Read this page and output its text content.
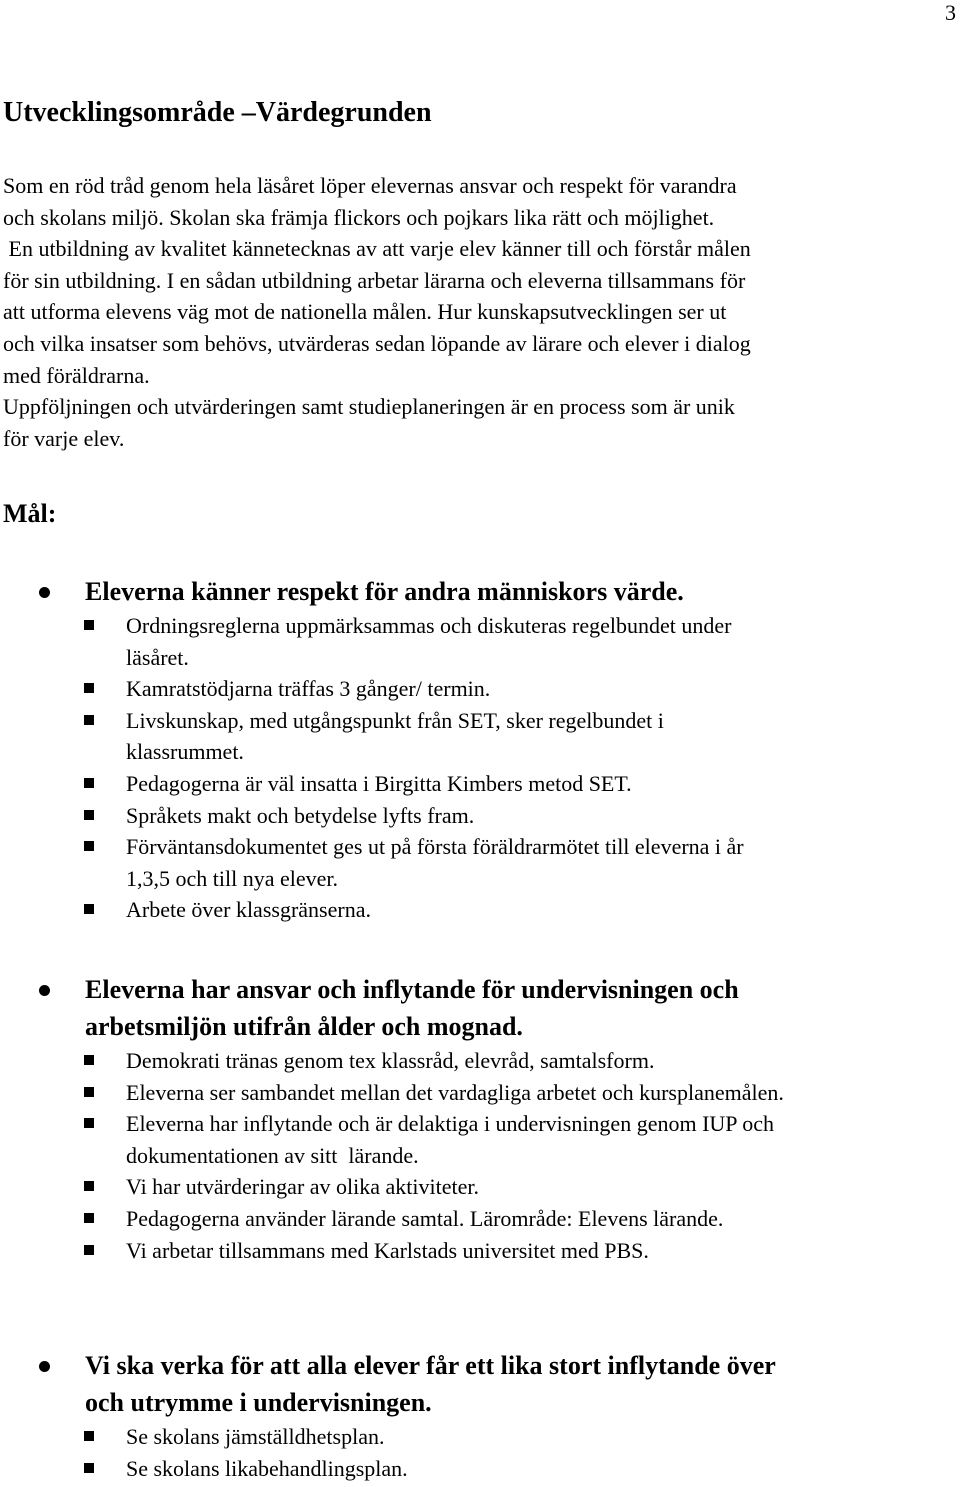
3
Utvecklingsområde –Värdegrunden
Som en röd tråd genom hela läsåret löper elevernas ansvar och respekt för varandra
och skolans miljö. Skolan ska främja flickors och pojkars lika rätt och möjlighet.
En utbildning av kvalitet kännetecknas av att varje elev känner till och förstår målen
för sin utbildning. I en sådan utbildning arbetar lärarna och eleverna tillsammans för
att utforma elevens väg mot de nationella målen. Hur kunskapsutvecklingen ser ut
och vilka insatser som behövs, utvärderas sedan löpande av lärare och elever i dialog
med föräldrarna.
Uppföljningen och utvärderingen samt studieplaneringen är en process som är unik
för varje elev.
Mål:
Eleverna känner respekt för andra människors värde.
Ordningsreglerna uppmärksammas och diskuteras regelbundet under
läsåret.
Kamratstödjarna träffas 3 gånger/ termin.
Livskunskap, med utgångspunkt från SET, sker regelbundet i
klassrummet.
Pedagogerna är väl insatta i Birgitta Kimbers metod SET.
Språkets makt och betydelse lyfts fram.
Förväntansdokumentet ges ut på första föräldrarmötet till eleverna i år
1,3,5 och till nya elever.
Arbete över klassgränserna.
Eleverna har ansvar och inflytande för undervisningen och
arbetsmiljön utifrån ålder och mognad.
Demokrati tränas genom tex klassråd, elevråd, samtalsform.
Eleverna ser sambandet mellan det vardagliga arbetet och kursplanemålen.
Eleverna har inflytande och är delaktiga i undervisningen genom IUP och
dokumentationen av sitt  lärande.
Vi har utvärderingar av olika aktiviteter.
Pedagogerna använder lärande samtal. Lärområde: Elevens lärande.
Vi arbetar tillsammans med Karlstads universitet med PBS.
Vi ska verka för att alla elever får ett lika stort inflytande över
och utrymme i undervisningen.
Se skolans jämställdhetsplan.
Se skolans likabehandlingsplan.
